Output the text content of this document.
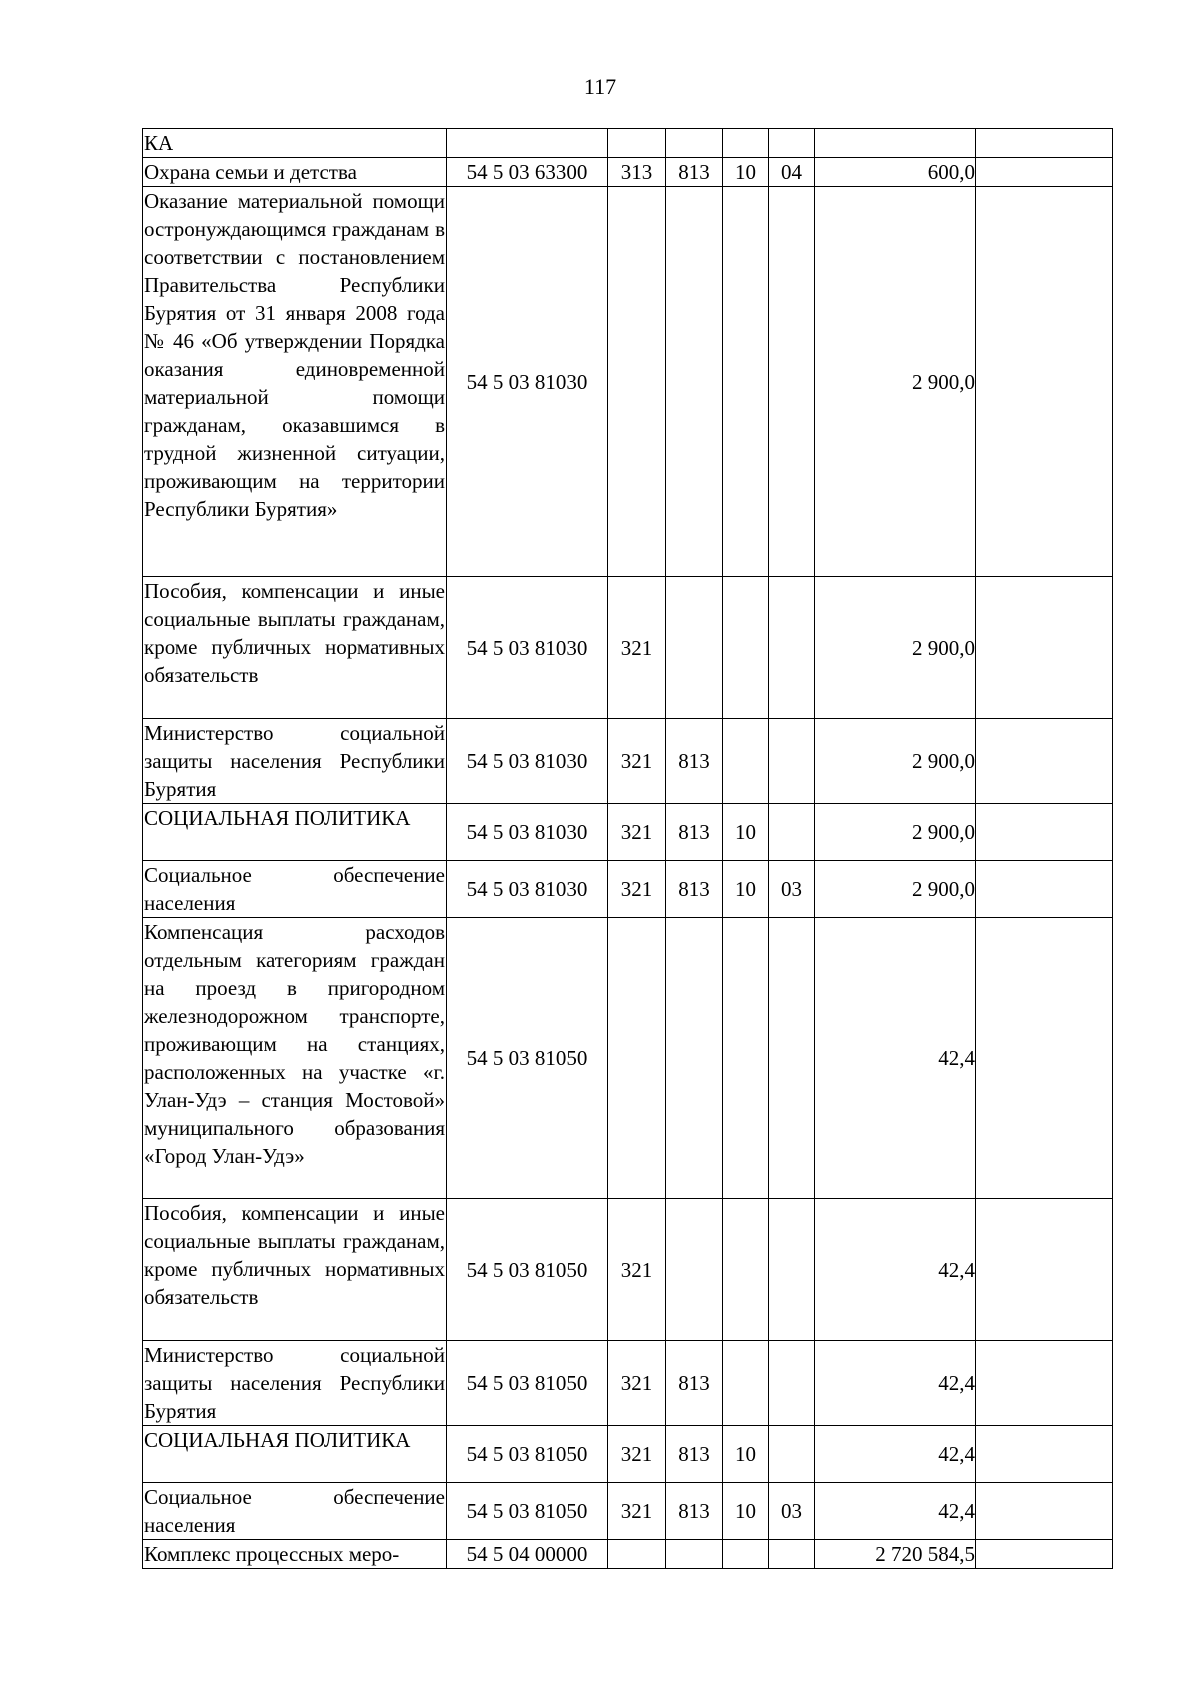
117
КА							
Охрана семьи и детства	54 5 03 63300	313	813	10	04	600,0	
Оказание материальной помощи остронуждающимся гражданам в соответствии с постановлением Правительства Республики Бурятия от 31 января 2008 года № 46 «Об утверждении Порядка оказания единовременной материальной помощи гражданам, оказавшимся в трудной жизненной ситуации, проживающим на территории Республики Бурятия»	54 5 03 81030					2 900,0	
Пособия, компенсации и иные социальные выплаты гражданам, кроме публичных нормативных обязательств	54 5 03 81030	321				2 900,0	
Министерство социальной защиты населения Республики Бурятия	54 5 03 81030	321	813			2 900,0	
СОЦИАЛЬНАЯ ПОЛИТИКА	54 5 03 81030	321	813	10		2 900,0	
Социальное обеспечение населения	54 5 03 81030	321	813	10	03	2 900,0	
Компенсация расходов отдельным категориям граждан на проезд в пригородном железнодорожном транспорте, проживающим на станциях, расположенных на участке «г. Улан-Удэ – станция Мостовой» муниципального образования «Город Улан-Удэ»	54 5 03 81050					42,4	
Пособия, компенсации и иные социальные выплаты гражданам, кроме публичных нормативных обязательств	54 5 03 81050	321				42,4	
Министерство социальной защиты населения Республики Бурятия	54 5 03 81050	321	813			42,4	
СОЦИАЛЬНАЯ ПОЛИТИКА	54 5 03 81050	321	813	10		42,4	
Социальное обеспечение населения	54 5 03 81050	321	813	10	03	42,4	
Комплекс процессных меро-	54 5 04 00000					2 720 584,5	
